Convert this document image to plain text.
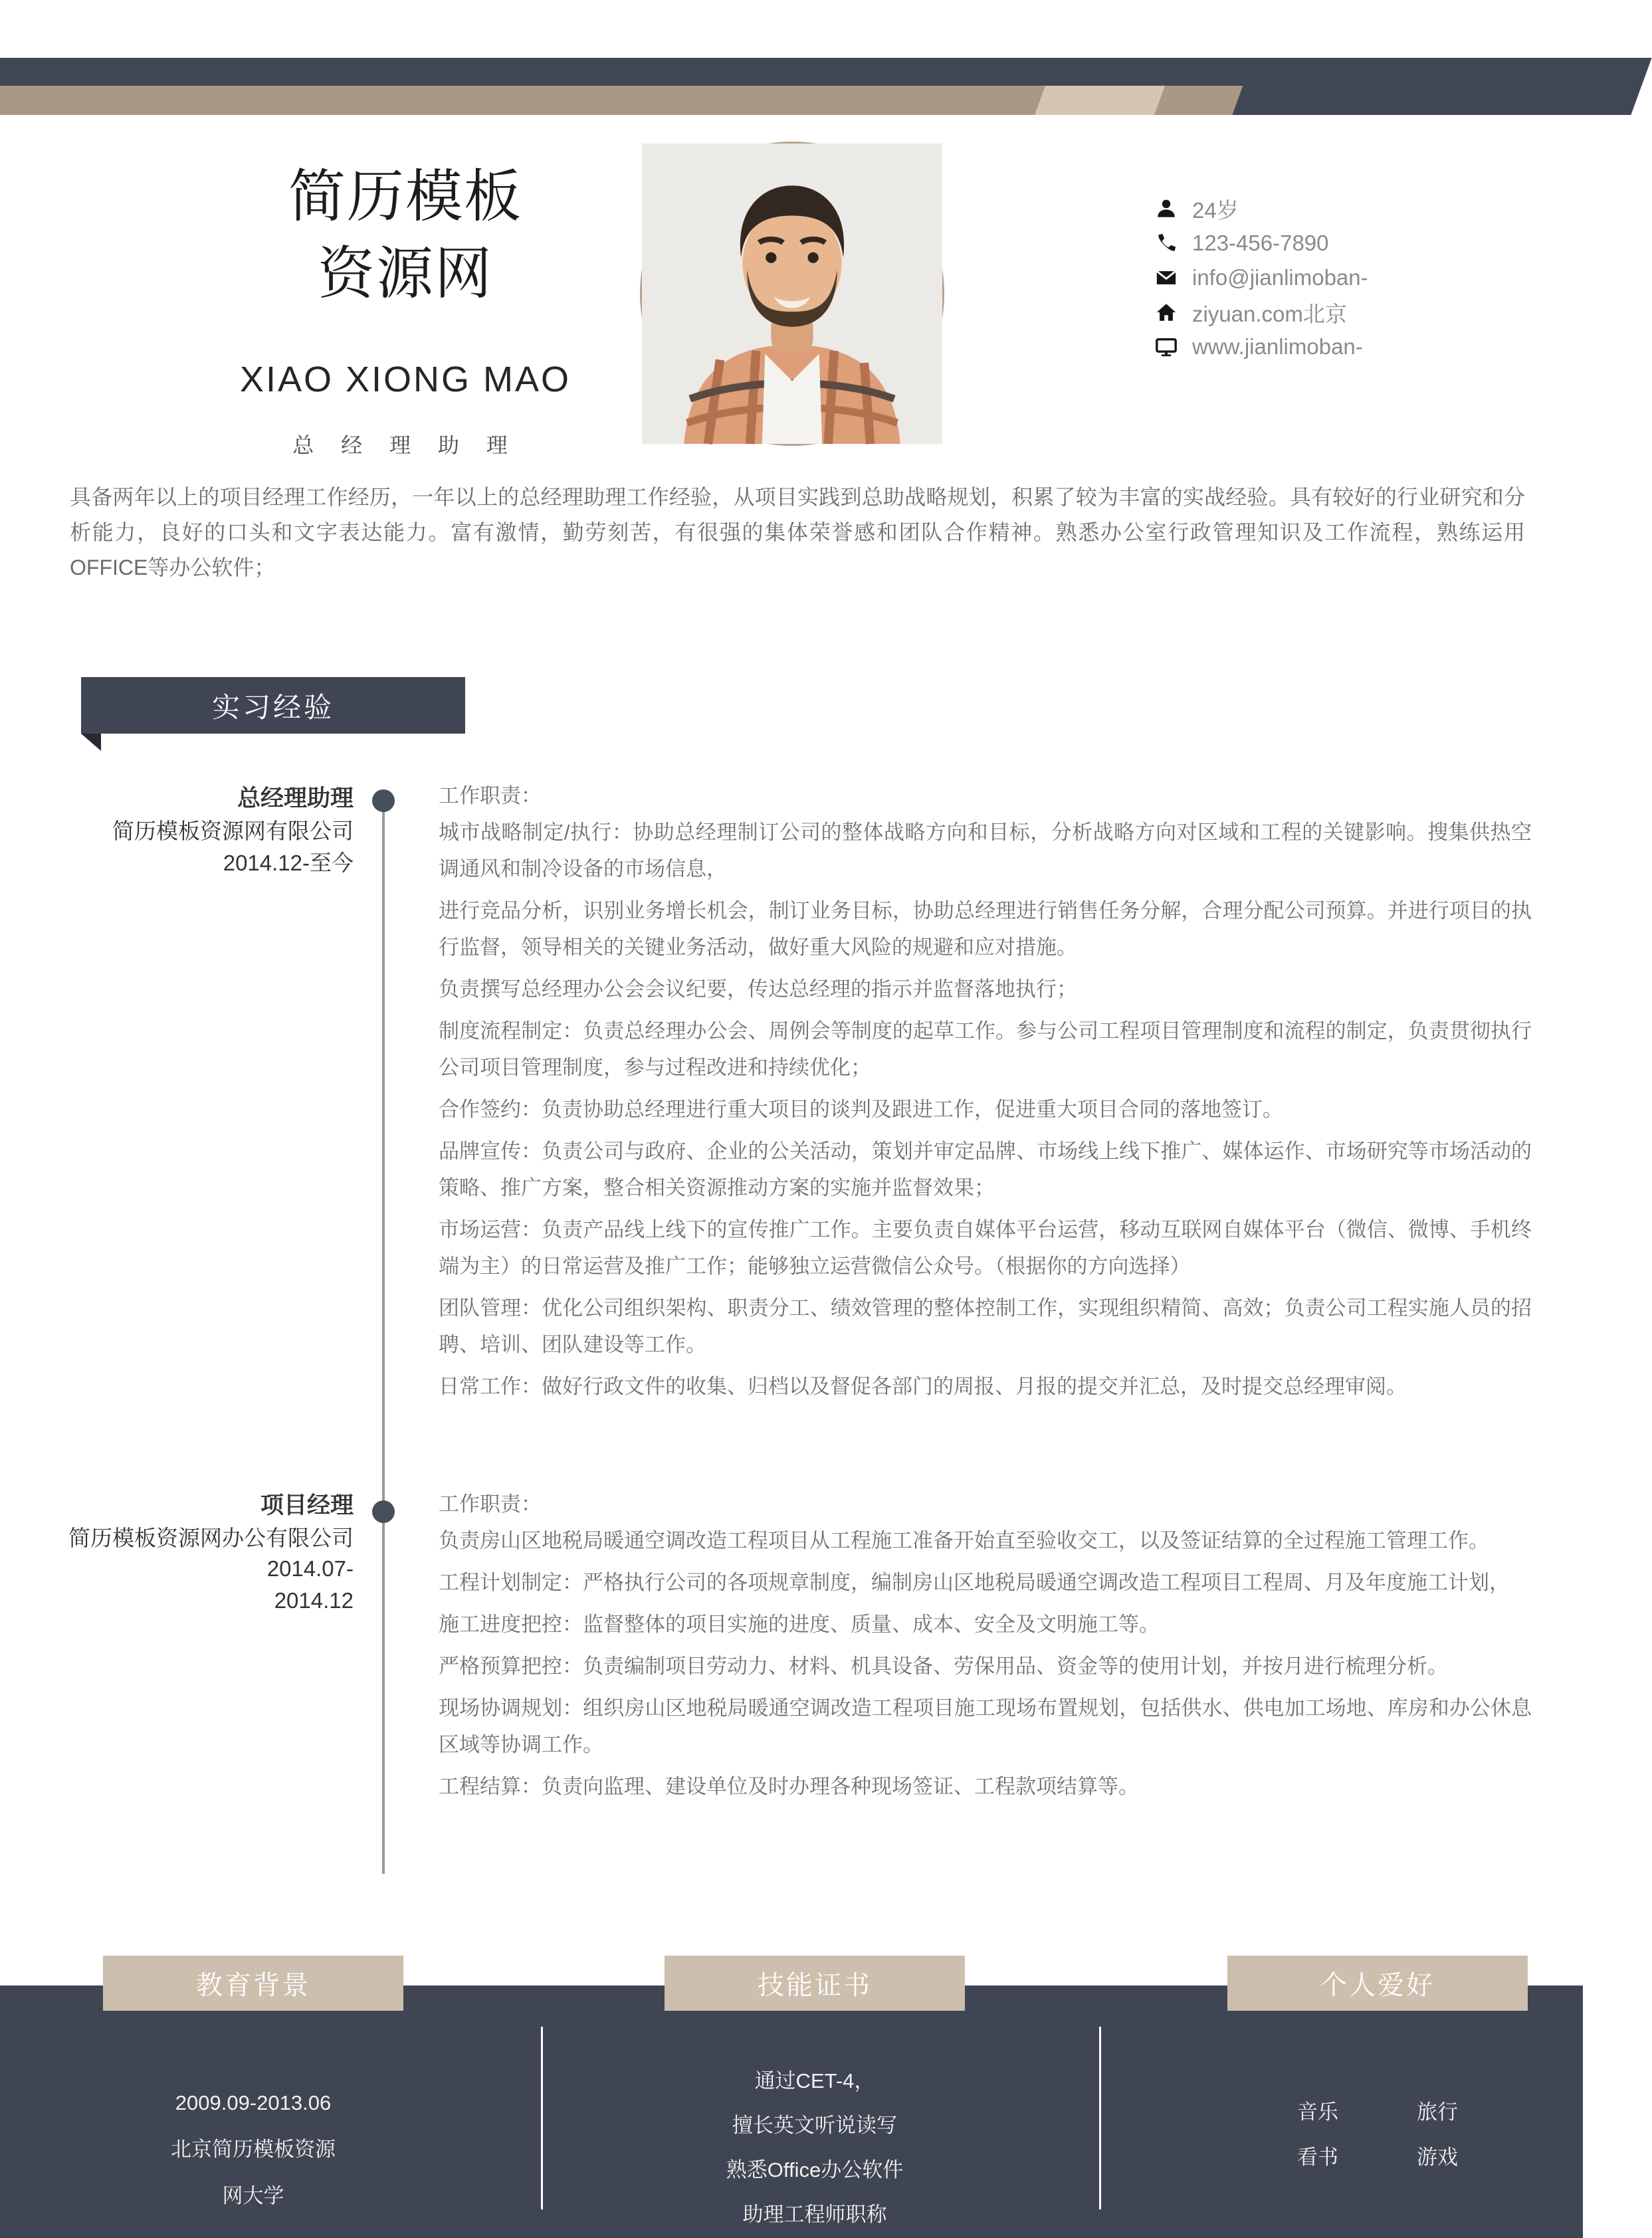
简历模板
资源网
XIAO XIONG MAO
总 经 理 助 理
24岁
123-456-7890
info@jianlimoban-
ziyuan.com北京
www.jianlimoban-
具备两年以上的项目经理工作经历，一年以上的总经理助理工作经验，从项目实践到总助战略规划，积累了较为丰富的实战经验。具有较好的行业研究和分析能力，良好的口头和文字表达能力。富有激情，勤劳刻苦，有很强的集体荣誉感和团队合作精神。熟悉办公室行政管理知识及工作流程，熟练运用OFFICE等办公软件；
实习经验
总经理助理
简历模板资源网有限公司
2014.12-至今
工作职责：

城市战略制定/执行：协助总经理制订公司的整体战略方向和目标，分析战略方向对区域和工程的关键影响。搜集供热空调通风和制冷设备的市场信息，

进行竞品分析，识别业务增长机会，制订业务目标，协助总经理进行销售任务分解，合理分配公司预算。并进行项目的执行监督，领导相关的关键业务活动，做好重大风险的规避和应对措施。

负责撰写总经理办公会会议纪要，传达总经理的指示并监督落地执行；

制度流程制定：负责总经理办公会、周例会等制度的起草工作。参与公司工程项目管理制度和流程的制定，负责贯彻执行公司项目管理制度，参与过程改进和持续优化；

合作签约：负责协助总经理进行重大项目的谈判及跟进工作，促进重大项目合同的落地签订。

品牌宣传：负责公司与政府、企业的公关活动，策划并审定品牌、市场线上线下推广、媒体运作、市场研究等市场活动的策略、推广方案，整合相关资源推动方案的实施并监督效果；

市场运营：负责产品线上线下的宣传推广工作。主要负责自媒体平台运营，移动互联网自媒体平台（微信、微博、手机终端为主）的日常运营及推广工作；能够独立运营微信公众号。（根据你的方向选择）

团队管理：优化公司组织架构、职责分工、绩效管理的整体控制工作，实现组织精简、高效；负责公司工程实施人员的招聘、培训、团队建设等工作。

日常工作：做好行政文件的收集、归档以及督促各部门的周报、月报的提交并汇总，及时提交总经理审阅。

项目经理
简历模板资源网办公有限公司 2014.07-
2014.12
工作职责：

负责房山区地税局暖通空调改造工程项目从工程施工准备开始直至验收交工，以及签证结算的全过程施工管理工作。

工程计划制定：严格执行公司的各项规章制度，编制房山区地税局暖通空调改造工程项目工程周、月及年度施工计划，

施工进度把控：监督整体的项目实施的进度、质量、成本、安全及文明施工等。

严格预算把控：负责编制项目劳动力、材料、机具设备、劳保用品、资金等的使用计划，并按月进行梳理分析。

现场协调规划：组织房山区地税局暖通空调改造工程项目施工现场布置规划，包括供水、供电加工场地、库房和办公休息区域等协调工作。

工程结算：负责向监理、建设单位及时办理各种现场签证、工程款项结算等。

教育背景	技能证书	个人爱好
2009.09-2013.06
北京简历模板资源
网大学
通过CET-4，
擅长英文听说读写
熟悉Office办公软件
助理工程师职称
音乐	旅行
看书	游戏
